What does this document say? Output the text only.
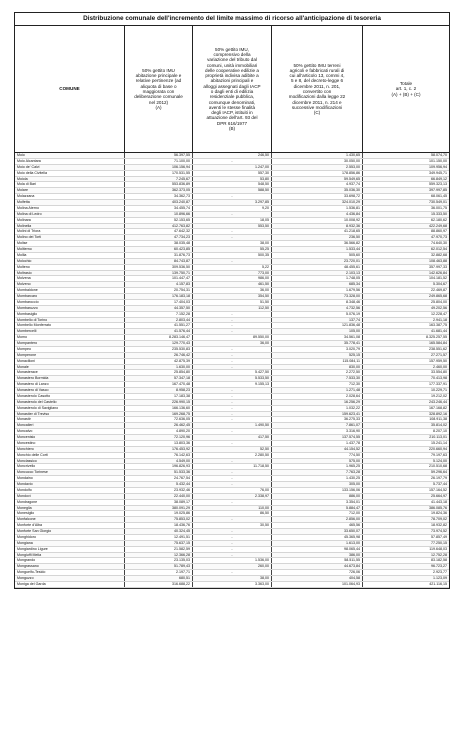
Distribuzione comunale dell'incremento del limite massimo di ricorso all'anticipazione di tesoreria
COMUNE
50% gettito IMU
abitazione principale e
relative pertinenze (ad
aliquota di base o
maggiorata con
deliberazione comunale
nel 2012)
(A)
50% gettito IMU,
comprensivo della
variazione del tributo dal
comuni, unità immobiliari
delle cooperative edilizie a
proprietà indivisa adibite a
abitazioni principali e
alloggi assegnati dagli IACP
o dagli enti di edilizia
residenziale pubblica,
comunque denominati,
aventi le stesse finalità
degli IACP, istituiti in
attuazione dell'art. 93 del
DPR 616/1977
(B)
50% gettito IMU terreni
agricoli e fabbricati rurali di
cui all'articolo 13, commi 4,
5 e 8, del decreto-legge 6
dicembre 2011, n. 201,
convertito con
modificazioni dalla legge 22
dicembre 2011, n. 214 e
successive modificazioni
(C)
Totale
art. 1, c. 2
(A) + (B) + (C)
Moio	56.397,55	246,50	1.430,65	58.074,70
Moio Alcantara	71.100,00	-	30.050,00	101.150,00
Moio de' Calvi	106.156,94	1.247,00	2.553,00	109.956,94
Moio della Civitella	170.531,55	557,30	178.856,86	349.945,71
Moiola	7.245,67	53,80	59.549,65	66.849,12
Mola di Bari	553.836,89	548,50	4.937,74	559.323,13
Molare	362.373,05	588,50	35.036,30	397.997,85
Molazzana	34.362,73	-	33.698,72	68.061,45
Molfetta	403.240,87	3.297,85	324.010,29	730.549,01
Molina Aterno	34.455,74	9,20	1.536,81	36.001,75
Molina di Ledro	10.896,66	-	4.436,84	15.333,50
Molinara	52.153,65	18,05	10.008,92	62.180,62
Molinella	412.763,82	553,50	8.932,36	422.249,68
Molini di Triora	47.642,32	-	41.218,65	88.860,97
Molino dei Torti	47.734,23	-	236,50	47.970,73
Molise	38.035,48	38,00	36.566,82	74.640,30
Moliterno	60.423,85	55,25	1.533,44	62.012,54
Mollia	31.876,73	500,35	505,60	32.882,68
Molochio	84.743,87	-	23.720,01	108.463,88
Molteno	309.536,50	5,22	48.455,61	357.997,33
Moltrasio	139.750,71	773,00	2.103,13	142.626,84
Molvena	101.447,47	986,00	1.748,05	104.181,52
Molveno	4.157,83	461,50	685,34	5.304,67
Mombaldone	20.754,31	36,00	1.679,56	22.469,87
Mombarcaro	176.183,18	354,50	73.328,00	249.865,68
Mombaroccio	17.404,03	51,50	8.348,46	25.804,00
Mombaruzzo	44.357,50	112,50	4.732,56	49.202,56
Mombasiglio	7.152,28	-	5.076,19	12.228,47
Mombello di Torino	2.803,44	-	137,74	2.941,18
Mombello Monferrato	41.551,27	-	121.836,48	163.387,75
Mombercelli	41.576,44	-	105,00	41.681,44
Momo	8.283.146,47	89.550,00	34.561,08	8.325.257,55
Mompantero	129.770,43	36,00	35.778,41	165.584,84
Mompeo	235.530,83	-	3.020,79	238.551,62
Momperone	26.746,42	-	525,15	27.271,57
Monacilioni	42.875,39	-	115.084,11	157.959,50
Monale	1.630,00	-	830,00	2.460,00
Monasterace	25.854,80	5.427,50	2.272,50	33.554,80
Monastero Bormida	57.347,18	5.533,50	7.533,30	70.413,98
Monastero di Lanzo	167.470,48	9.155,13	712,30	177.337,91
Monastero di Vasco	8.958,23	-	1.271,48	10.229,71
Monasterolo Casotto	17.183,38	-	2.028,64	19.212,02
Monasterolo del Castello	226.990,15	-	16.256,29	243.246,44
Monasterolo di Savigliano	166.136,60	-	1.032,22	167.168,82
Monastier di Treviso	169.268,75	-	159.623,41	328.892,16
Monastir	72.636,05	-	36.275,33	108.911,38
Moncalieri	26.462,45	1.490,50	7.861,07	35.814,02
Moncalvo	4.890,20	-	3.316,90	8.207,10
Moncenisio	72.120,96	417,50	137.574,55	210.113,01
Moncestino	13.803,36	-	1.437,78	15.241,14
Monchiero	176.453,92	52,50	44.154,52	220.660,94
Monchio delle Corti	76.142,63	2.280,50	774,50	79.197,63
Monclassico	4.549,00	-	575,00	5.124,00
Moncrivello	196.826,93	11.718,50	1.965,25	210.510,68
Moncucco Torinese	51.533,36	-	7.763,28	59.296,64
Mondaino	24.767,54	-	1.430,25	26.197,79
Mondavio	5.432,44	-	305,00	5.737,44
Mondolfo	23.932,46	76,00	133.156,06	157.164,52
Mondovì	22.440,00	2.338,97	886,00	25.664,97
Mondragone	38.089,17	-	3.354,01	41.443,18
Moneglia	380.091,29	110,00	5.884,47	386.085,76
Monesiglio	19.025,86	86,50	712,00	19.824,36
Monfalcone	75.853,02	-	2.856,00	78.709,02
Monforte d'Alba	18.436,76	30,50	465,56	18.932,82
Monforte San Giorgio	40.324,45	-	33.650,07	73.974,52
Monghidoro	12.491,51	-	45.365,98	57.857,49
Mongiana	75.637,15	-	1.613,00	77.250,15
Mongiardino Ligure	21.582,59	-	98.065,44	119.648,03
Mongiuffi Melia	12.366,28	-	386,00	12.752,28
Mongrando	23.135,03	1.536,00	58.511,55	83.182,58
Mongrassano	51.789,43	260,00	44.673,84	96.723,27
Monguelfo-Tesido	2.197,71	-	726,06	2.923,77
Monguzzo	680,51	38,00	404,58	1.123,09
Moniga del Garda	316.688,22	3.363,00	101.064,93	421.116,15
